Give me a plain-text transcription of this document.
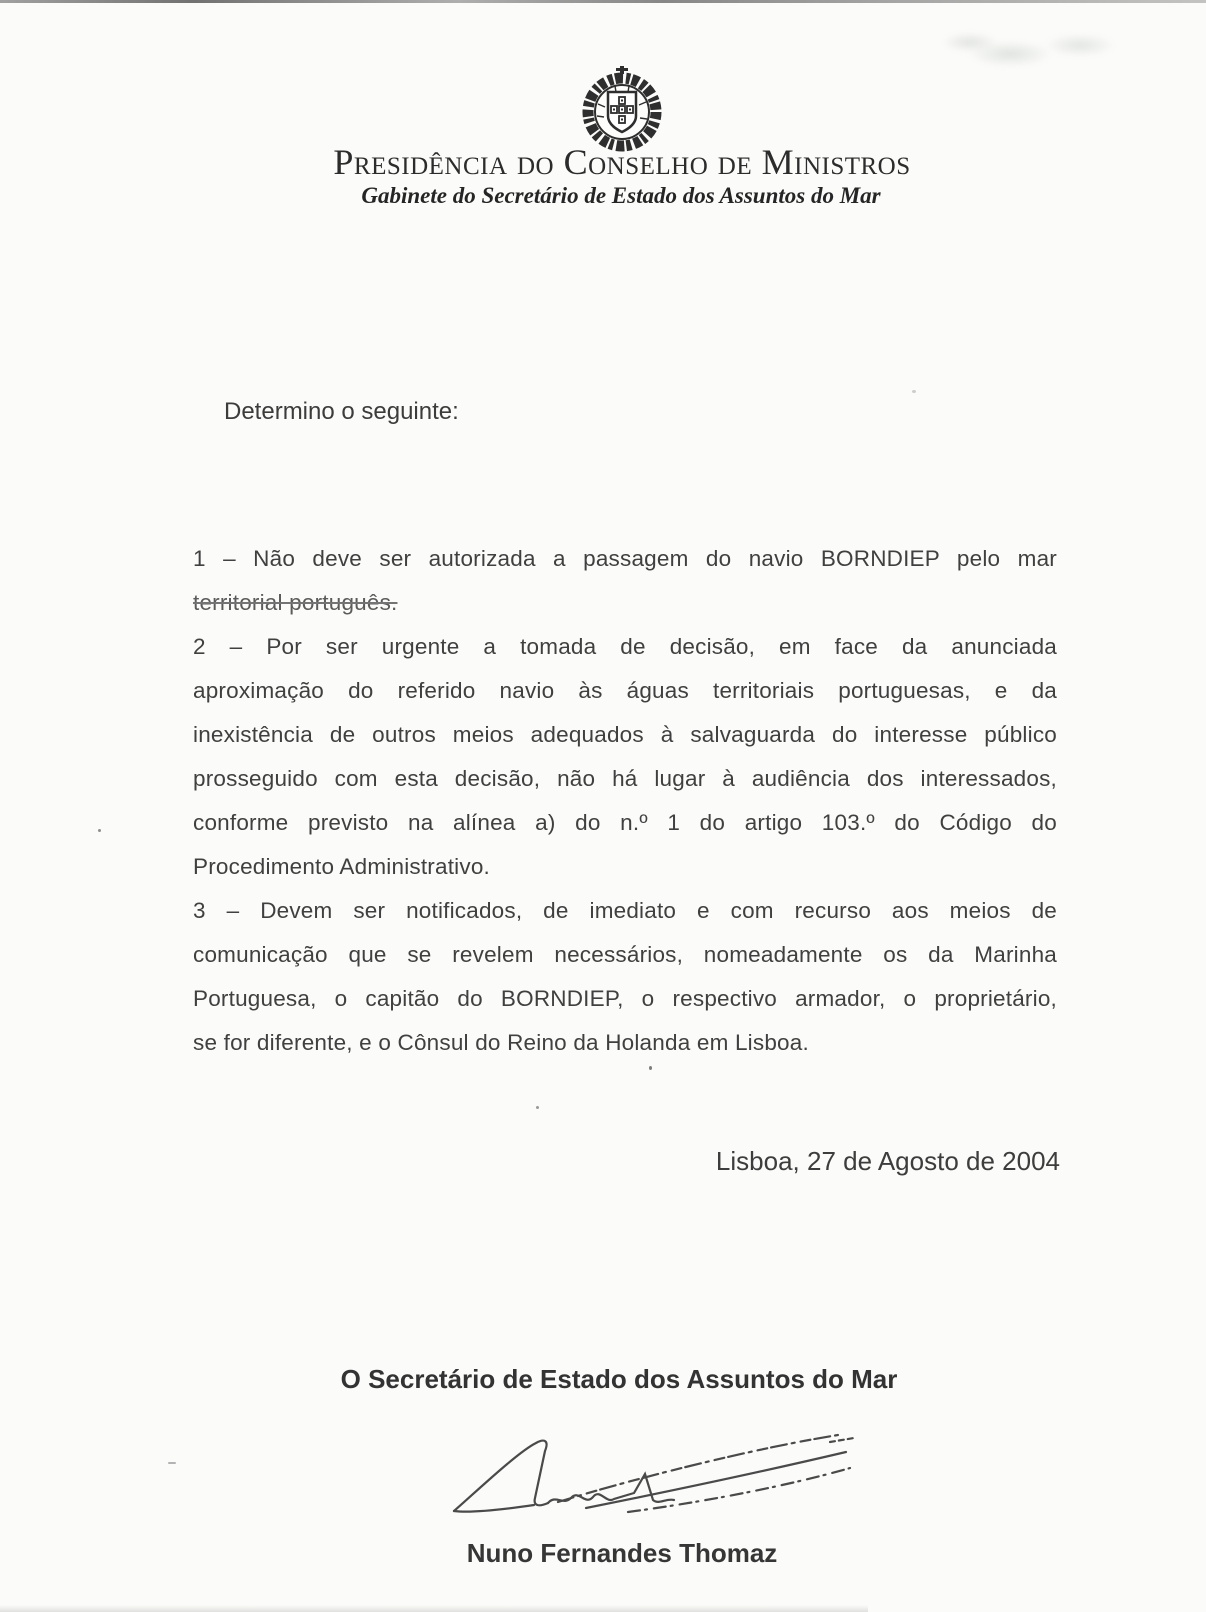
Presidência do Conselho de Ministros
Gabinete do Secretário de Estado dos Assuntos do Mar
Determino o seguinte:
1 – Não deve ser autorizada a passagem do navio BORNDIEP pelo mar
territorial português.
2 – Por ser urgente a tomada de decisão, em face da anunciada
aproximação do referido navio às águas territoriais portuguesas, e da
inexistência de outros meios adequados à salvaguarda do interesse público
prosseguido com esta decisão, não há lugar à audiência dos interessados,
conforme previsto na alínea a) do n.º 1 do artigo 103.º do Código do
Procedimento Administrativo.
3 – Devem ser notificados, de imediato e com recurso aos meios de
comunicação que se revelem necessários, nomeadamente os da Marinha
Portuguesa, o capitão do BORNDIEP, o respectivo armador, o proprietário,
se for diferente, e o Cônsul do Reino da Holanda em Lisboa.
Lisboa, 27 de Agosto de 2004
O Secretário de Estado dos Assuntos do Mar
Nuno Fernandes Thomaz
